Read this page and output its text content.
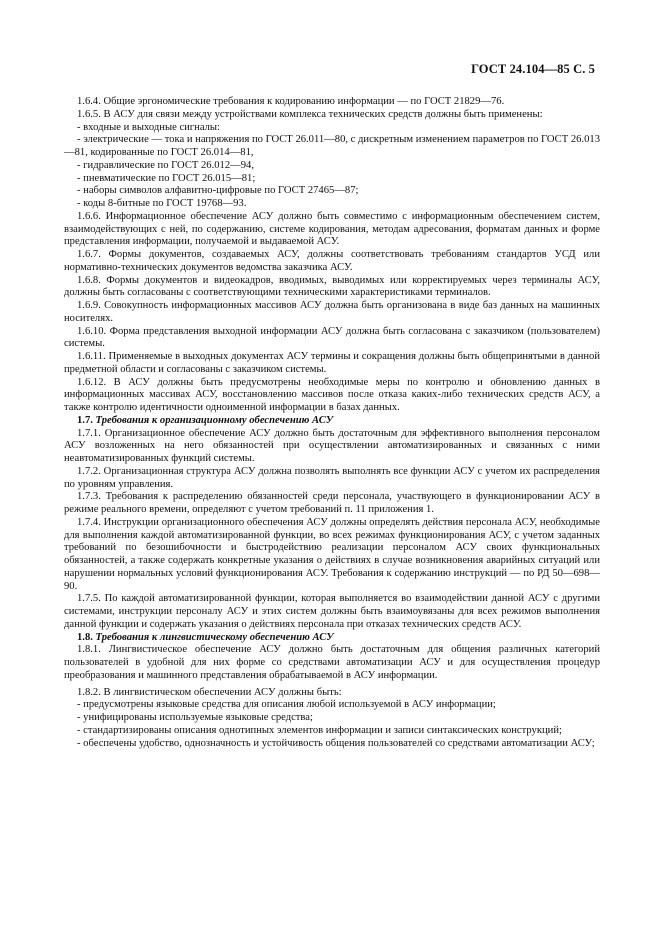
ГОСТ 24.104—85 С. 5

1.6.4. Общие эргономические требования к кодированию информации — по ГОСТ 21829—76.

1.6.5. В АСУ для связи между устройствами комплекса технических средств должны быть применены:

- входные и выходные сигналы:

- электрические — тока и напряжения по ГОСТ 26.011—80, с дискретным изменением параметров по ГОСТ 26.013—81, кодированные по ГОСТ 26.014—81,

- гидравлические по ГОСТ 26.012—94,

- пневматические по ГОСТ 26.015—81;

- наборы символов алфавитно-цифровые по ГОСТ 27465—87;

- коды 8-битные по ГОСТ 19768—93.

1.6.6. Информационное обеспечение АСУ должно быть совместимо с информационным обеспечением систем, взаимодействующих с ней, по содержанию, системе кодирования, методам адресования, форматам данных и форме представления информации, получаемой и выдаваемой АСУ.

1.6.7. Формы документов, создаваемых АСУ, должны соответствовать требованиям стандартов УСД или нормативно-технических документов ведомства заказчика АСУ.

1.6.8. Формы документов и видеокадров, вводимых, выводимых или корректируемых через терминалы АСУ, должны быть согласованы с соответствующими техническими характеристиками терминалов.

1.6.9. Совокупность информационных массивов АСУ должна быть организована в виде баз данных на машинных носителях.

1.6.10. Форма представления выходной информации АСУ должна быть согласована с заказчиком (пользователем) системы.

1.6.11. Применяемые в выходных документах АСУ термины и сокращения должны быть общепринятыми в данной предметной области и согласованы с заказчиком системы.

1.6.12. В АСУ должны быть предусмотрены необходимые меры по контролю и обновлению данных в информационных массивах АСУ, восстановлению массивов после отказа каких-либо технических средств АСУ, а также контролю идентичности одноименной информации в базах данных.

1.7. Требования к организационному обеспечению АСУ

1.7.1. Организационное обеспечение АСУ должно быть достаточным для эффективного выполнения персоналом АСУ возложенных на него обязанностей при осуществлении автоматизированных и связанных с ними неавтоматизированных функций системы.

1.7.2. Организационная структура АСУ должна позволять выполнять все функции АСУ с учетом их распределения по уровням управления.

1.7.3. Требования к распределению обязанностей среди персонала, участвующего в функционировании АСУ в режиме реального времени, определяют с учетом требований п. 11 приложения 1.

1.7.4. Инструкции организационного обеспечения АСУ должны определять действия персонала АСУ, необходимые для выполнения каждой автоматизированной функции, во всех режимах функционирования АСУ, с учетом заданных требований по безошибочности и быстродействию реализации персоналом АСУ своих функциональных обязанностей, а также содержать конкретные указания о действиях в случае возникновения аварийных ситуаций или нарушении нормальных условий функционирования АСУ. Требования к содержанию инструкций — по РД 50—698—90.

1.7.5. По каждой автоматизированной функции, которая выполняется во взаимодействии данной АСУ с другими системами, инструкции персоналу АСУ и этих систем должны быть взаимоувязаны для всех режимов выполнения данной функции и содержать указания о действиях персонала при отказах технических средств АСУ.

1.8. Требования к лингвистическому обеспечению АСУ

1.8.1. Лингвистическое обеспечение АСУ должно быть достаточным для общения различных категорий пользователей в удобной для них форме со средствами автоматизации АСУ и для осуществления процедур преобразования и машинного представления обрабатываемой в АСУ информации.

1.8.2. В лингвистическом обеспечении АСУ должны быть:

- предусмотрены языковые средства для описания любой используемой в АСУ информации;

- унифицированы используемые языковые средства;

- стандартизированы описания однотипных элементов информации и записи синтаксических конструкций;

- обеспечены удобство, однозначность и устойчивость общения пользователей со средствами автоматизации АСУ;
